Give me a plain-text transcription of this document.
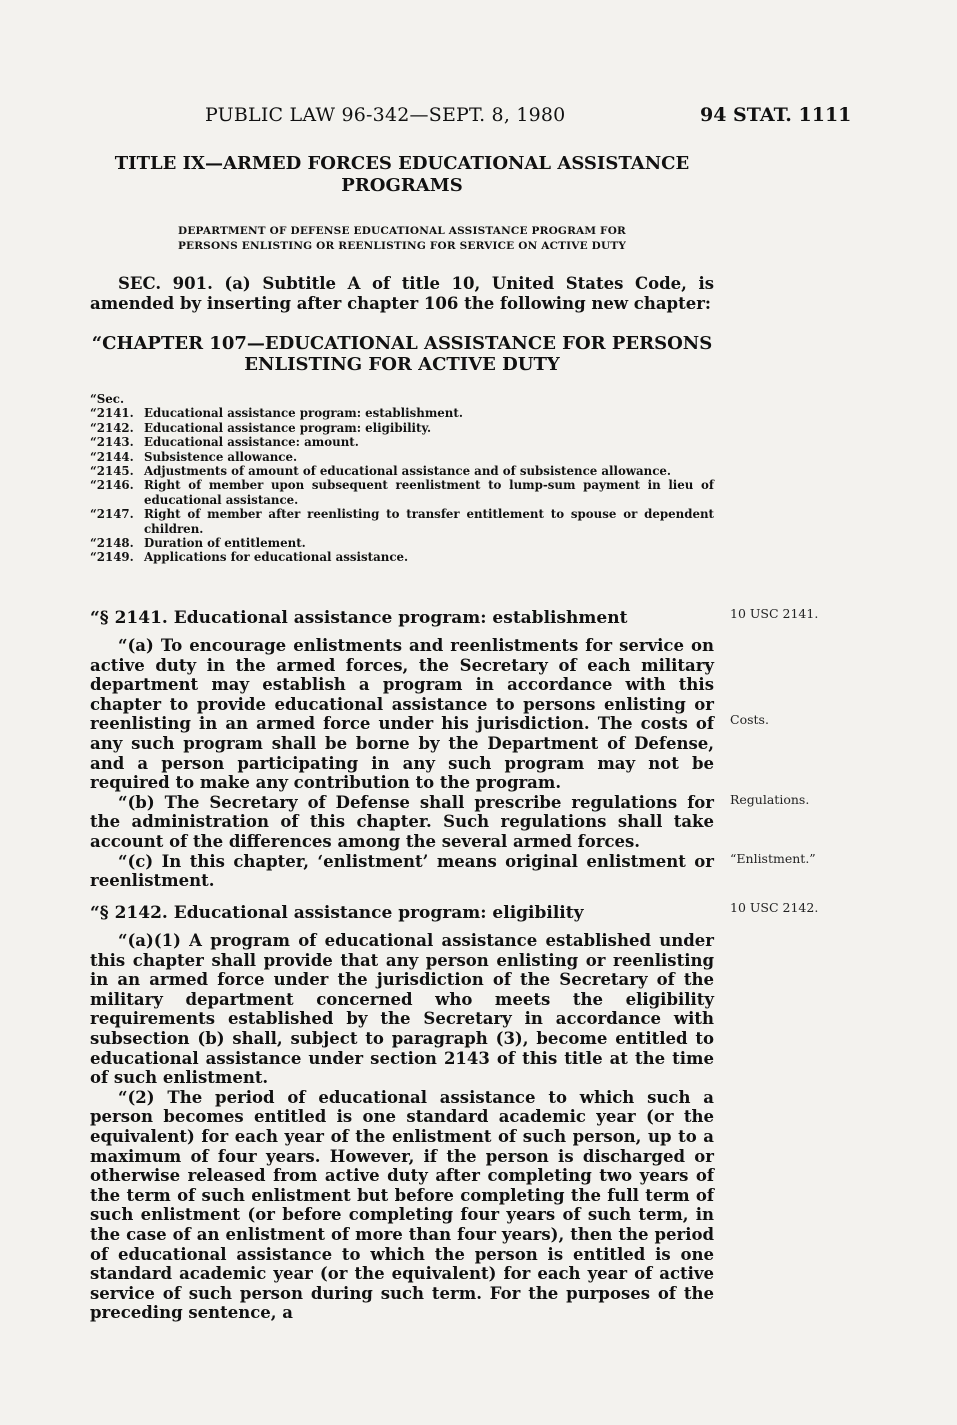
PUBLIC LAW 96-342—SEPT. 8, 1980	94 STAT. 1111
TITLE IX—ARMED FORCES EDUCATIONAL ASSISTANCE
PROGRAMS
DEPARTMENT OF DEFENSE EDUCATIONAL ASSISTANCE PROGRAM FOR
PERSONS ENLISTING OR REENLISTING FOR SERVICE ON ACTIVE DUTY
SEC. 901. (a) Subtitle A of title 10, United States Code, is amended by inserting after chapter 106 the following new chapter:
“CHAPTER 107—EDUCATIONAL ASSISTANCE FOR PERSONS
ENLISTING FOR ACTIVE DUTY
“Sec.
“2141. Educational assistance program: establishment.
“2142. Educational assistance program: eligibility.
“2143. Educational assistance: amount.
“2144. Subsistence allowance.
“2145. Adjustments of amount of educational assistance and of subsistence allowance.
“2146. Right of member upon subsequent reenlistment to lump-sum payment in lieu of educational assistance.
“2147. Right of member after reenlisting to transfer entitlement to spouse or dependent children.
“2148. Duration of entitlement.
“2149. Applications for educational assistance.
“§ 2141. Educational assistance program: establishment

“(a) To encourage enlistments and reenlistments for service on active duty in the armed forces, the Secretary of each military department may establish a program in accordance with this chapter to provide educational assistance to persons enlisting or reenlisting in an armed force under his jurisdiction. The costs of any such program shall be borne by the Department of Defense, and a person participating in any such program may not be required to make any contribution to the program.

“(b) The Secretary of Defense shall prescribe regulations for the administration of this chapter. Such regulations shall take account of the differences among the several armed forces.

“(c) In this chapter, ‘enlistment’ means original enlistment or reenlistment.

“§ 2142. Educational assistance program: eligibility

“(a)(1) A program of educational assistance established under this chapter shall provide that any person enlisting or reenlisting in an armed force under the jurisdiction of the Secretary of the military department concerned who meets the eligibility requirements established by the Secretary in accordance with subsection (b) shall, subject to paragraph (3), become entitled to educational assistance under section 2143 of this title at the time of such enlistment.

“(2) The period of educational assistance to which such a person becomes entitled is one standard academic year (or the equivalent) for each year of the enlistment of such person, up to a maximum of four years. However, if the person is discharged or otherwise released from active duty after completing two years of the term of such enlistment but before completing the full term of such enlistment (or before completing four years of such term, in the case of an enlistment of more than four years), then the period of educational assistance to which the person is entitled is one standard academic year (or the equivalent) for each year of active service of such person during such term. For the purposes of the preceding sentence, a

10 USC 2141.
Costs.
Regulations.
“Enlistment.”
10 USC 2142.
